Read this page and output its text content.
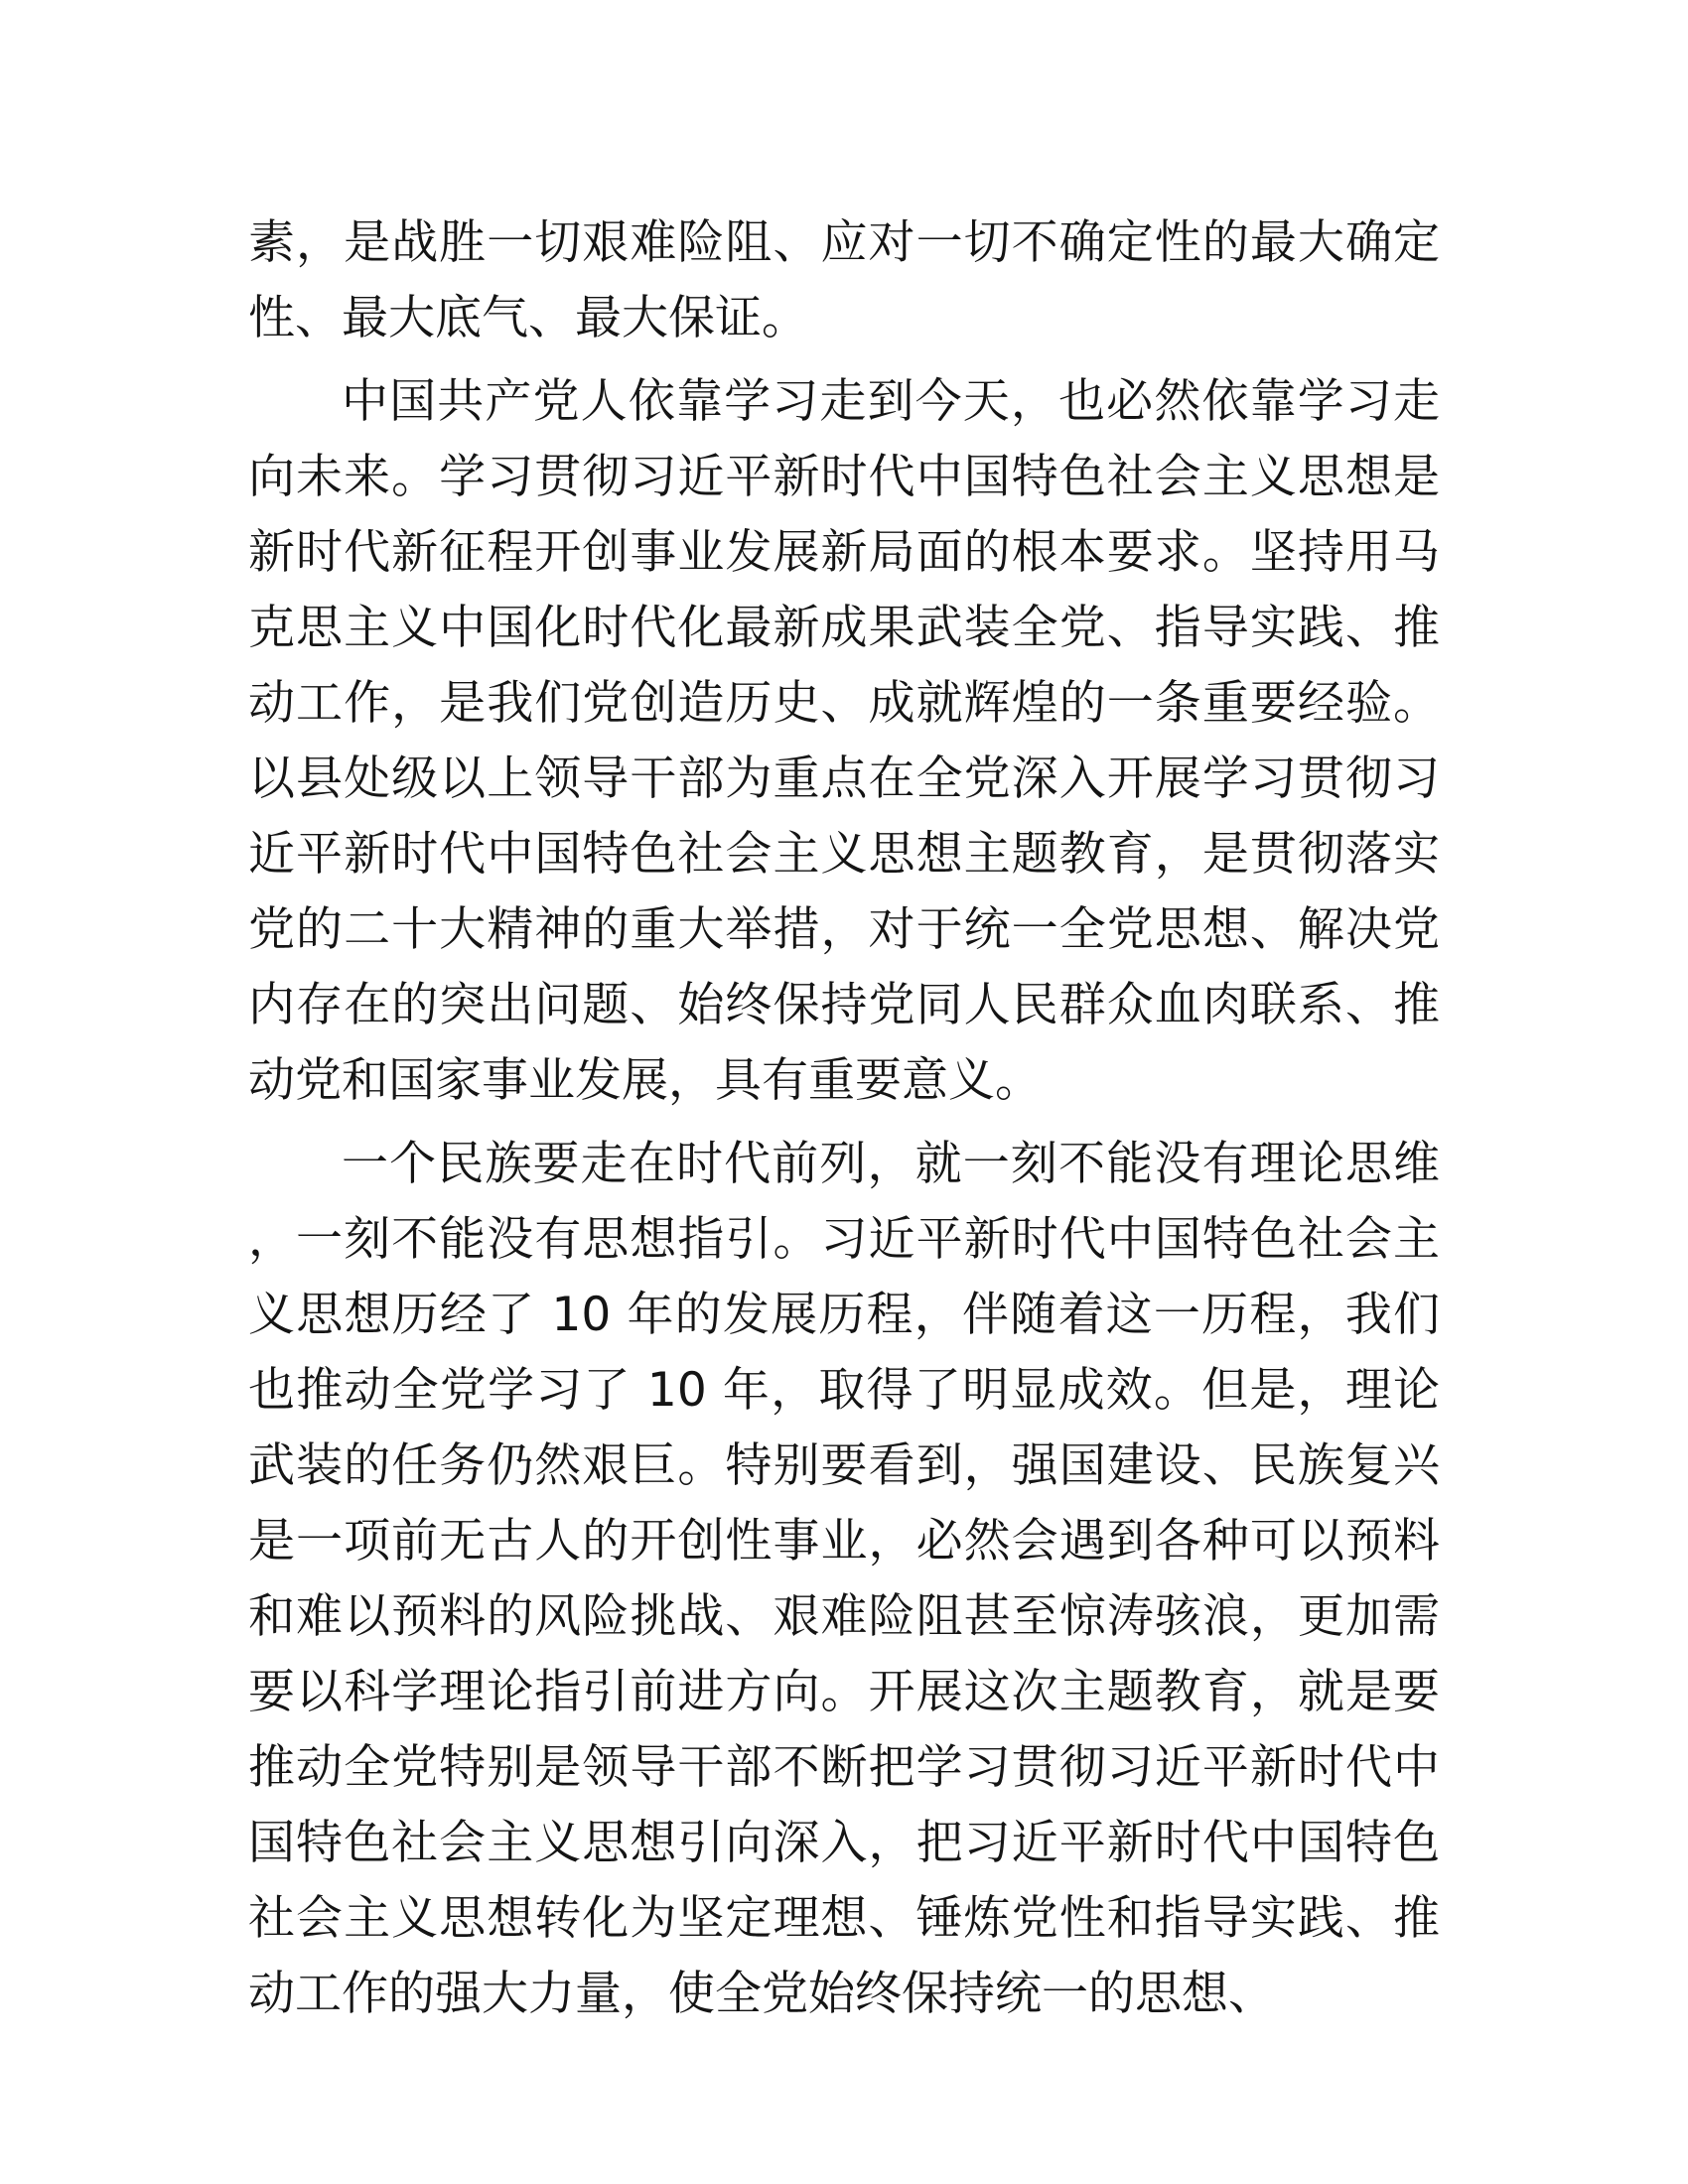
素，是战胜一切艰难险阻、应对一切不确定性的最大确定性、最大底气、最大保证。

中国共产党人依靠学习走到今天，也必然依靠学习走向未来。学习贯彻习近平新时代中国特色社会主义思想是新时代新征程开创事业发展新局面的根本要求。坚持用马克思主义中国化时代化最新成果武装全党、指导实践、推动工作，是我们党创造历史、成就辉煌的一条重要经验。以县处级以上领导干部为重点在全党深入开展学习贯彻习近平新时代中国特色社会主义思想主题教育，是贯彻落实党的二十大精神的重大举措，对于统一全党思想、解决党内存在的突出问题、始终保持党同人民群众血肉联系、推动党和国家事业发展，具有重要意义。

一个民族要走在时代前列，就一刻不能没有理论思维，一刻不能没有思想指引。习近平新时代中国特色社会主义思想历经了 10 年的发展历程，伴随着这一历程，我们也推动全党学习了 10 年，取得了明显成效。但是，理论武装的任务仍然艰巨。特别要看到，强国建设、民族复兴是一项前无古人的开创性事业，必然会遇到各种可以预料和难以预料的风险挑战、艰难险阻甚至惊涛骇浪，更加需要以科学理论指引前进方向。开展这次主题教育，就是要推动全党特别是领导干部不断把学习贯彻习近平新时代中国特色社会主义思想引向深入，把习近平新时代中国特色社会主义思想转化为坚定理想、锤炼党性和指导实践、推动工作的强大力量，使全党始终保持统一的思想、
